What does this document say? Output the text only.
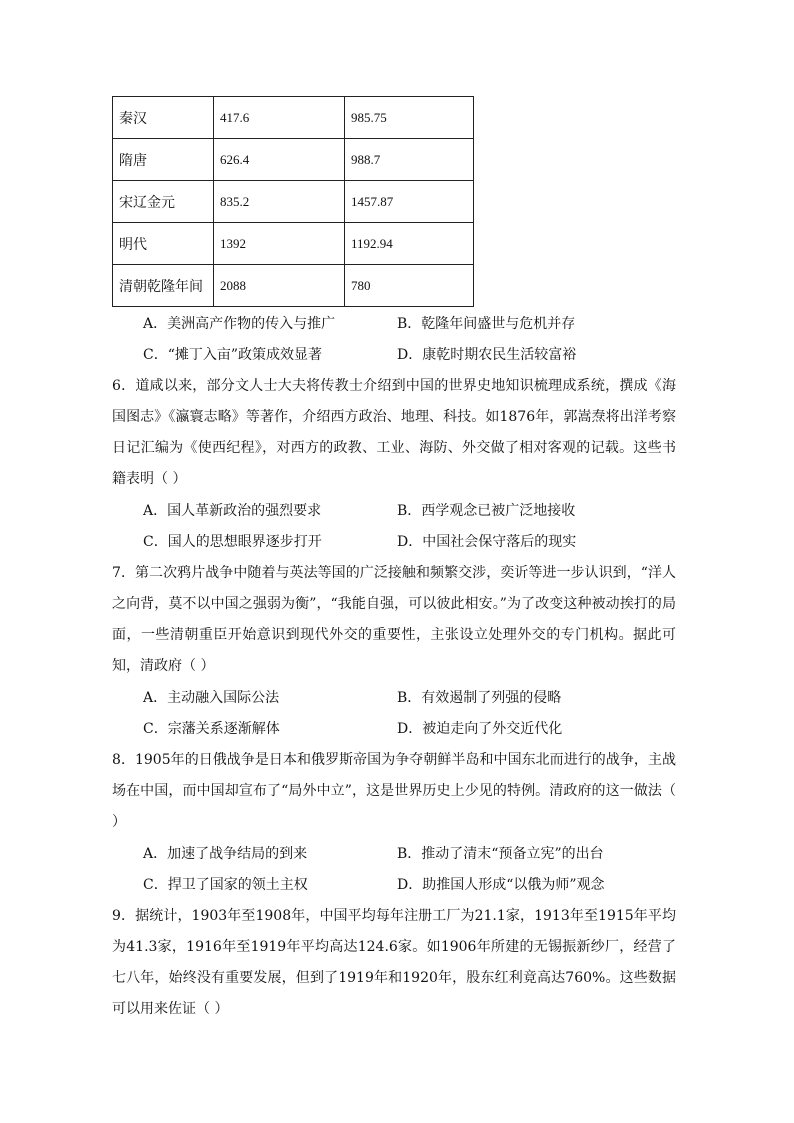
秦汉	417.6	985.75
隋唐	626.4	988.7
宋辽金元	835.2	1457.87
明代	1392	1192.94
清朝乾隆年间	2088	780
A．美洲高产作物的传入与推广	B．乾隆年间盛世与危机并存
C．“摊丁入亩”政策成效显著	D．康乾时期农民生活较富裕
6．道咸以来，部分文人士大夫将传教士介绍到中国的世界史地知识梳理成系统，撰成《海国图志》《瀛寰志略》等著作，介绍西方政治、地理、科技。如1876年，郭嵩焘将出洋考察日记汇编为《使西纪程》，对西方的政教、工业、海防、外交做了相对客观的记载。这些书籍表明（ ）
A．国人革新政治的强烈要求	B．西学观念已被广泛地接收
C．国人的思想眼界逐步打开	D．中国社会保守落后的现实
7．第二次鸦片战争中随着与英法等国的广泛接触和频繁交涉，奕䜣等进一步认识到，“洋人之向背，莫不以中国之强弱为衡”，“我能自强，可以彼此相安。”为了改变这种被动挨打的局面，一些清朝重臣开始意识到现代外交的重要性，主张设立处理外交的专门机构。据此可知，清政府（ ）
A．主动融入国际公法	B．有效遏制了列强的侵略
C．宗藩关系逐渐解体	D．被迫走向了外交近代化
8．1905年的日俄战争是日本和俄罗斯帝国为争夺朝鲜半岛和中国东北而进行的战争，主战场在中国，而中国却宣布了“局外中立”，这是世界历史上少见的特例。清政府的这一做法（ ）
A．加速了战争结局的到来	B．推动了清末“预备立宪”的出台
C．捍卫了国家的领土主权	D．助推国人形成“以俄为师”观念
9．据统计，1903年至1908年，中国平均每年注册工厂为21.1家，1913年至1915年平均为41.3家，1916年至1919年平均高达124.6家。如1906年所建的无锡振新纱厂，经营了七八年，始终没有重要发展，但到了1919年和1920年，股东红利竟高达760%。这些数据可以用来佐证（ ）
